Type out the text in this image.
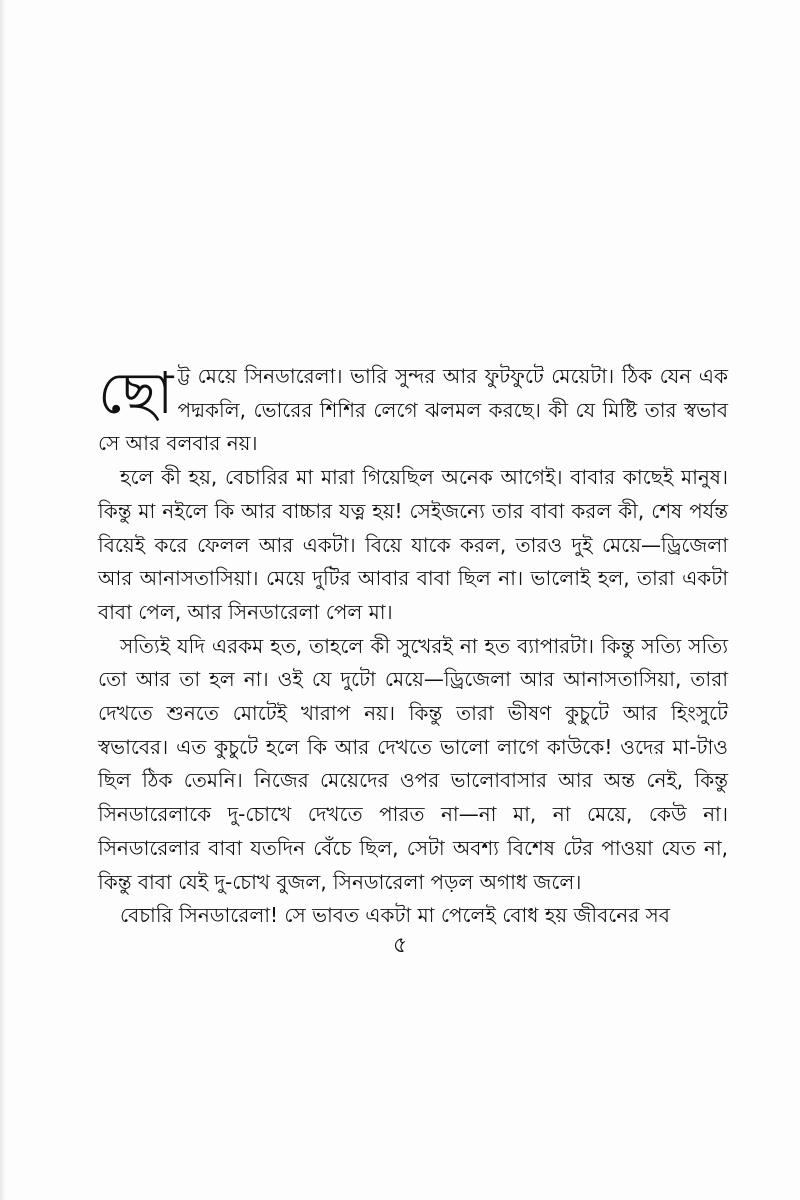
ছো ট্ট মেয়ে সিনডারেলা। ভারি সুন্দর আর ফুটফুটে মেয়েটা। ঠিক যেন এক পদ্মকলি, ভোরের শিশির লেগে ঝলমল করছে। কী যে মিষ্টি তার স্বভাব সে আর বলবার নয়।

হলে কী হয়, বেচারির মা মারা গিয়েছিল অনেক আগেই। বাবার কাছেই মানুষ। কিন্তু মা নইলে কি আর বাচ্চার যত্ন হয়! সেইজন্যে তার বাবা করল কী, শেষ পর্যন্ত বিয়েই করে ফেলল আর একটা। বিয়ে যাকে করল, তারও দুই মেয়ে—ড্রিজেলা আর আনাসতাসিয়া। মেয়ে দুটির আবার বাবা ছিল না। ভালোই হল, তারা একটা বাবা পেল, আর সিনডারেলা পেল মা।

সত্যিই যদি এরকম হত, তাহলে কী সুখেরই না হত ব্যাপারটা। কিন্তু সত্যি সত্যি তো আর তা হল না। ওই যে দুটো মেয়ে—ড্রিজেলা আর আনাসতাসিয়া, তারা দেখতে শুনতে মোটেই খারাপ নয়। কিন্তু তারা ভীষণ কুচুটে আর হিংসুটে স্বভাবের। এত কুচুটে হলে কি আর দেখতে ভালো লাগে কাউকে! ওদের মা-টাও ছিল ঠিক তেমনি। নিজের মেয়েদের ওপর ভালোবাসার আর অন্ত নেই, কিন্তু সিনডারেলাকে দু-চোখে দেখতে পারত না—না মা, না মেয়ে, কেউ না। সিনডারেলার বাবা যতদিন বেঁচে ছিল, সেটা অবশ্য বিশেষ টের পাওয়া যেত না, কিন্তু বাবা যেই দু-চোখ বুজল, সিনডারেলা পড়ল অগাধ জলে।

বেচারি সিনডারেলা! সে ভাবত একটা মা পেলেই বোধ হয় জীবনের সব

৫
